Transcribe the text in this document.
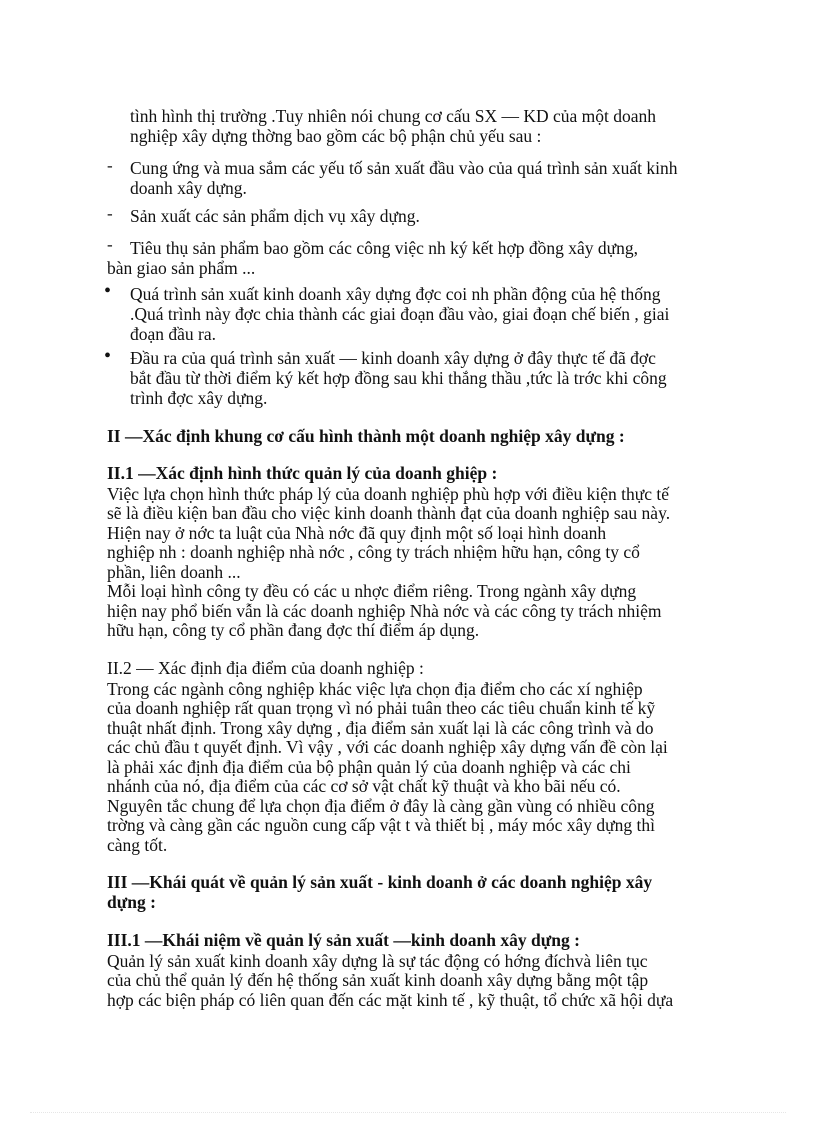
tình hình thị trường .Tuy nhiên nói chung cơ cấu SX — KD của một doanh
nghiệp xây dựng thờng bao gồm các bộ phận chủ yếu sau :
- Cung ứng và mua sắm các yếu tố sản xuất đầu vào của quá trình sản xuất kinh
doanh xây dựng.
- Sản xuất các sản phẩm dịch vụ xây dựng.
- Tiêu thụ sản phẩm bao gồm các công việc nh ký kết hợp đồng xây dựng,
bàn giao sản phẩm ...
• Quá trình sản xuất kinh doanh xây dựng đợc coi nh phần động của hệ thống
.Quá trình này đợc chia thành các giai đoạn đầu vào, giai đoạn chế biến , giai
đoạn đầu ra.
• Đầu ra của quá trình sản xuất — kinh doanh xây dựng ở đây thực tế đã đợc
bắt đầu từ thời điểm ký kết hợp đồng sau khi thắng thầu ,tức là trớc khi công
trình đợc xây dựng.
II —Xác định khung cơ cấu hình thành một doanh nghiệp xây dựng :
II.1 —Xác định hình thức quản lý của doanh ghiệp :
Việc lựa chọn hình thức pháp lý của doanh nghiệp phù hợp với điều kiện thực tế
sẽ là điều kiện ban đầu cho việc kinh doanh thành đạt của doanh nghiệp sau này.
Hiện nay ở nớc ta luật của Nhà nớc đã quy định một số loại hình doanh
nghiệp nh : doanh nghiệp nhà nớc , công ty trách nhiệm hữu hạn, công ty cổ
phần, liên doanh ...
Mỗi loại hình công ty đều có các u nhợc điểm riêng. Trong ngành xây dựng
hiện nay phổ biến vẫn là các doanh nghiệp Nhà nớc và các công ty trách nhiệm
hữu hạn, công ty cổ phần đang đợc thí điểm áp dụng.
II.2 — Xác định địa điểm của doanh nghiệp :
Trong các ngành công nghiệp khác việc lựa chọn địa điểm cho các xí nghiệp
của doanh nghiệp rất quan trọng vì nó phải tuân theo các tiêu chuẩn kinh tế kỹ
thuật nhất định. Trong xây dựng , địa điểm sản xuất lại là các công trình và do
các chủ đầu t quyết định. Vì vậy , với các doanh nghiệp xây dựng vấn đề còn lại
là phải xác định địa điểm của bộ phận quản lý của doanh nghiệp và các chi
nhánh của nó, địa điểm của các cơ sở vật chất kỹ thuật và kho bãi nếu có.
Nguyên tắc chung để lựa chọn địa điểm ở đây là càng gần vùng có nhiều công
trờng và càng gần các nguồn cung cấp vật t và thiết bị , máy móc xây dựng thì
càng tốt.
III —Khái quát về quản lý sản xuất - kinh doanh ở các doanh nghiệp xây
dựng :
III.1 —Khái niệm về quản lý sản xuất —kinh doanh xây dựng :
Quản lý sản xuất kinh doanh xây dựng là sự tác động có hớng đíchvà liên tục
của chủ thể quản lý đến hệ thống sản xuất kinh doanh xây dựng bằng một tập
hợp các biện pháp có liên quan đến các mặt kinh tế , kỹ thuật, tổ chức xã hội dựa
